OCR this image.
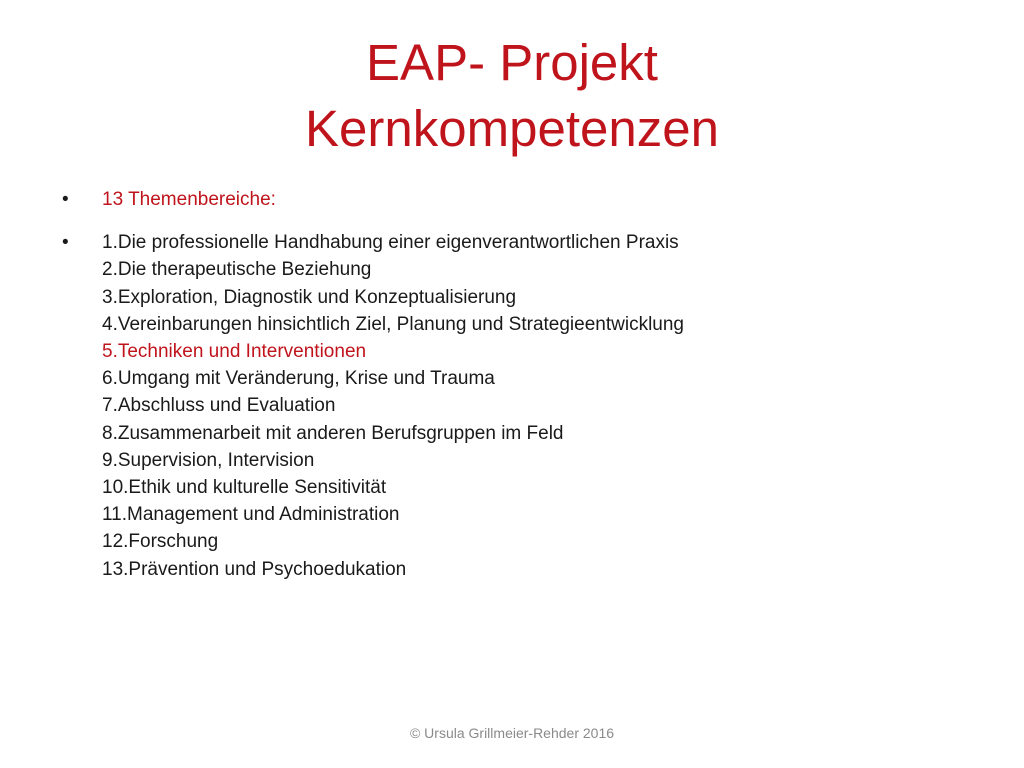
EAP- Projekt
Kernkompetenzen
• 13 Themenbereiche:
• 1.Die professionelle Handhabung einer eigenverantwortlichen Praxis
2.Die therapeutische Beziehung
3.Exploration, Diagnostik und Konzeptualisierung
4.Vereinbarungen hinsichtlich Ziel, Planung und Strategieentwicklung
5.Techniken und Interventionen
6.Umgang mit Veränderung, Krise und Trauma
7.Abschluss und Evaluation
8.Zusammenarbeit mit anderen Berufsgruppen im Feld
9.Supervision, Intervision
10.Ethik und kulturelle Sensitivität
11.Management und Administration
12.Forschung
13.Prävention und Psychoedukation
© Ursula Grillmeier-Rehder 2016
